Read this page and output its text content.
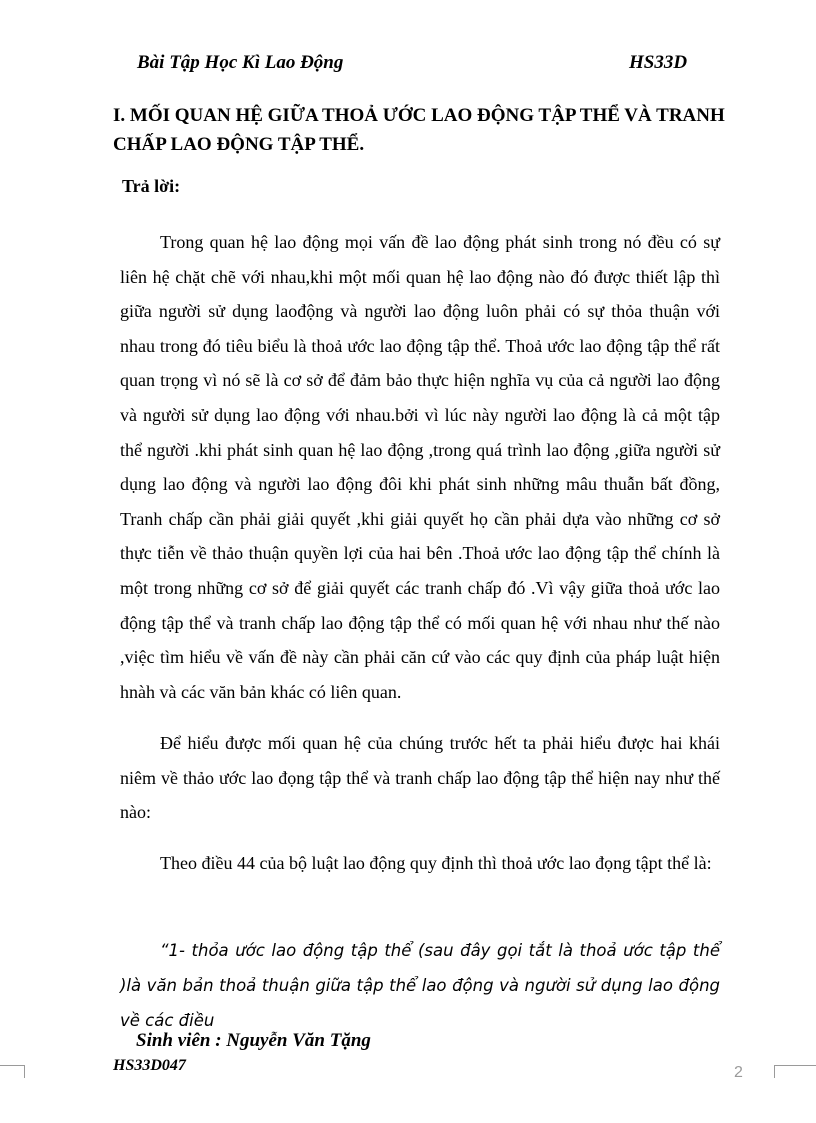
Bài Tập Học Kì Lao Động	HS33D
I. MỐI QUAN HỆ GIỮA THOẢ ƯỚC LAO ĐỘNG TẬP THỂ VÀ TRANH CHẤP LAO ĐỘNG TẬP THỂ.
Trả lời:

Trong quan hệ lao động mọi vấn đề lao động phát sinh trong nó đều có sự liên hệ chặt chẽ với nhau,khi một mối quan hệ lao động nào đó được thiết lập thì giữa người sử dụng laođộng và người lao động luôn phải có sự thỏa thuận với nhau trong đó tiêu biểu là thoả ước lao động tập thể. Thoả ước lao động tập thể rất quan trọng vì nó sẽ là cơ sở để đảm bảo thực hiện nghĩa vụ của cả người lao động và người sử dụng lao động với nhau.bởi vì lúc này người lao động là cả một tập thể người .khi phát sinh quan hệ lao động ,trong quá trình lao động ,giữa người sử dụng lao động và người lao động đôi khi phát sinh những mâu thuẫn bất đồng, Tranh chấp cần phải giải quyết ,khi giải quyết họ cần phải dựa vào những cơ sở thực tiễn về thảo thuận quyền lợi của hai bên .Thoả ước lao động tập thể chính là một trong những cơ sở để giải quyết các tranh chấp đó .Vì vậy giữa thoả ước lao động tập thể và tranh chấp lao động tập thể có mối quan hệ với nhau như thế nào ,việc tìm hiểu về vấn đề này cần phải căn cứ vào các quy định của pháp luật hiện hnàh và các văn bản khác có liên quan.

Để hiểu được mối quan hệ của chúng trước hết ta phải hiểu được hai khái niêm về thảo ước lao đọng tập thể và tranh chấp lao động tập thể hiện nay như thế nào:

Theo điều 44 của bộ luật lao động quy định thì thoả ước lao đọng tậpt thể là:

“1- thỏa ước lao động tập thể (sau đây gọi tắt là thoả ước tập thể )là văn bản thoả thuận giữa tập thể lao động và người sử dụng lao động về các điều

Sinh viên : Nguyễn Văn Tặng
HS33D047	2
